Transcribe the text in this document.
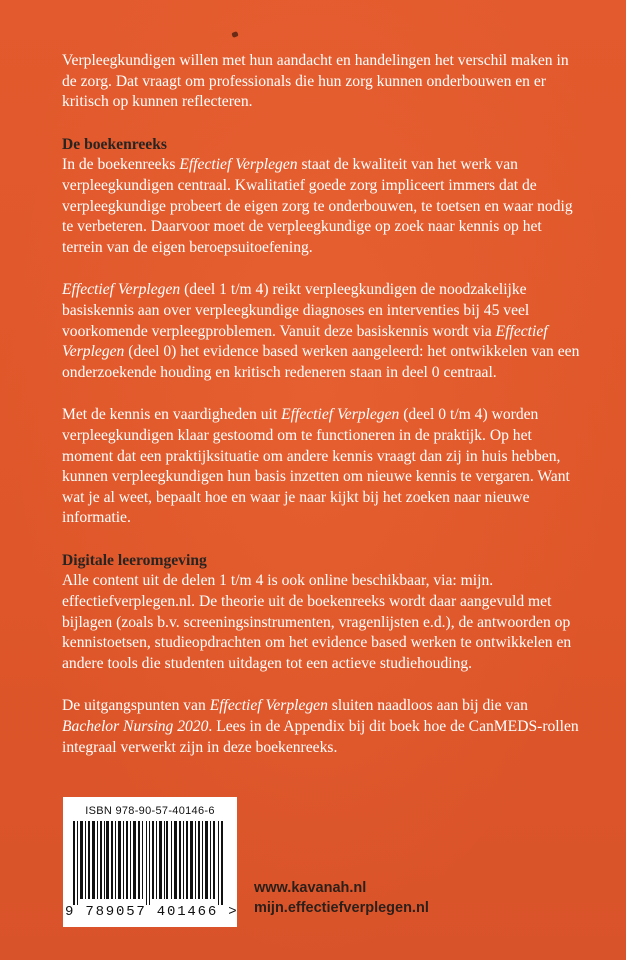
Verpleegkundigen willen met hun aandacht en handelingen het verschil maken in de zorg. Dat vraagt om professionals die hun zorg kunnen onderbouwen en er kritisch op kunnen reflecteren.

De boekenreeks

In de boekenreeks Effectief Verplegen staat de kwaliteit van het werk van verpleegkundigen centraal. Kwalitatief goede zorg impliceert immers dat de verpleegkundige probeert de eigen zorg te onderbouwen, te toetsen en waar nodig te verbeteren. Daarvoor moet de verpleegkundige op zoek naar kennis op het terrein van de eigen beroepsuitoefening.

Effectief Verplegen (deel 1 t/m 4) reikt verpleegkundigen de noodzakelijke basiskennis aan over verpleegkundige diagnoses en interventies bij 45 veel voorkomende verpleegproblemen. Vanuit deze basiskennis wordt via Effectief Verplegen (deel 0) het evidence based werken aangeleerd: het ontwikkelen van een onderzoekende houding en kritisch redeneren staan in deel 0 centraal.

Met de kennis en vaardigheden uit Effectief Verplegen (deel 0 t/m 4) worden verpleegkundigen klaar gestoomd om te functioneren in de praktijk. Op het moment dat een praktijksituatie om andere kennis vraagt dan zij in huis hebben, kunnen verpleegkundigen hun basis inzetten om nieuwe kennis te vergaren. Want wat je al weet, bepaalt hoe en waar je naar kijkt bij het zoeken naar nieuwe informatie.

Digitale leeromgeving

Alle content uit de delen 1 t/m 4 is ook online beschikbaar, via: mijn. effectiefverplegen.nl. De theorie uit de boekenreeks wordt daar aangevuld met bijlagen (zoals b.v. screeningsinstrumenten, vragenlijsten e.d.), de antwoorden op kennistoetsen, studieopdrachten om het evidence based werken te ontwikkelen en andere tools die studenten uitdagen tot een actieve studiehouding.

De uitgangspunten van Effectief Verplegen sluiten naadloos aan bij die van Bachelor Nursing 2020. Lees in de Appendix bij dit boek hoe de CanMEDS-rollen integraal verwerkt zijn in deze boekenreeks.

ISBN 978-90-57-40146-6
9 789057 401466 >
www.kavanah.nl
mijn.effectiefverplegen.nl
